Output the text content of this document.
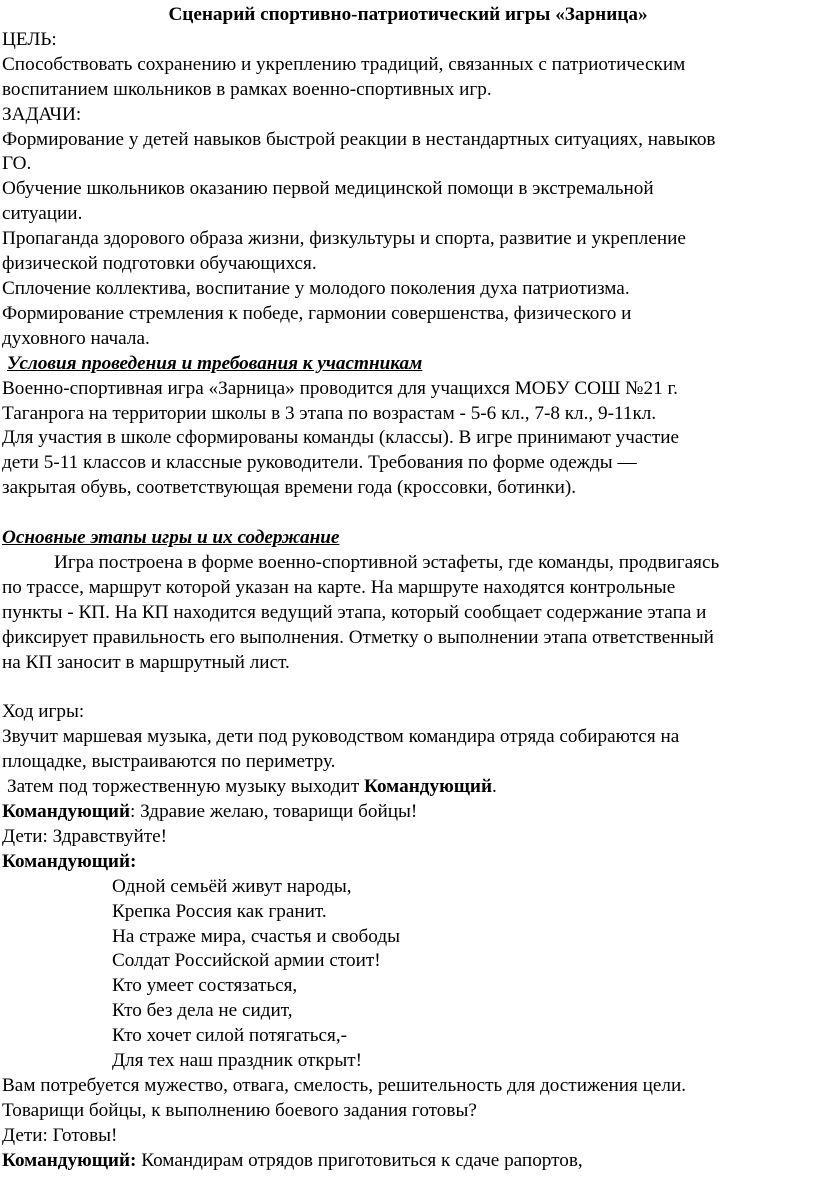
Сценарий спортивно-патриотический игры «Зарница»
ЦЕЛЬ:
Способствовать сохранению и укреплению традиций, связанных с патриотическим
воспитанием школьников в рамках военно-спортивных игр.
ЗАДАЧИ:
Формирование у детей навыков быстрой реакции в нестандартных ситуациях, навыков
ГО.
Обучение школьников оказанию первой медицинской помощи в экстремальной
ситуации.
Пропаганда здорового образа жизни, физкультуры и спорта, развитие и укрепление
физической подготовки обучающихся.
Сплочение коллектива, воспитание у молодого поколения духа патриотизма.
Формирование стремления к победе, гармонии совершенства, физического и
духовного начала.
Условия проведения и требования к участникам
Военно-спортивная игра «Зарница» проводится для учащихся МОБУ СОШ №21 г.
Таганрога на территории школы в 3 этапа по возрастам - 5-6 кл., 7-8 кл., 9-11кл.
Для участия в школе сформированы команды (классы). В игре принимают участие
дети 5-11 классов и классные руководители. Требования по форме одежды —
закрытая обувь, соответствующая времени года (кроссовки, ботинки).
Основные этапы игры и их содержание
Игра построена в форме военно-спортивной эстафеты, где команды, продвигаясь
по трассе, маршрут которой указан на карте. На маршруте находятся контрольные
пункты - КП. На КП находится ведущий этапа, который сообщает содержание этапа и
фиксирует правильность его выполнения. Отметку о выполнении этапа ответственный
на КП заносит в маршрутный лист.
Ход игры:
Звучит маршевая музыка, дети под руководством командира отряда собираются на
площадке, выстраиваются по периметру.
Затем под торжественную музыку выходит Командующий.
Командующий: Здравие желаю, товарищи бойцы!
Дети: Здравствуйте!
Командующий:
Одной семьёй живут народы,
Крепка Россия как гранит.
На страже мира, счастья и свободы
Солдат Российской армии стоит!
Кто умеет состязаться,
Кто без дела не сидит,
Кто хочет силой потягаться,-
Для тех наш праздник открыт!
Вам потребуется мужество, отвага, смелость, решительность для достижения цели.
Товарищи бойцы, к выполнению боевого задания готовы?
Дети: Готовы!
Командующий: Командирам отрядов приготовиться к сдаче рапортов,
